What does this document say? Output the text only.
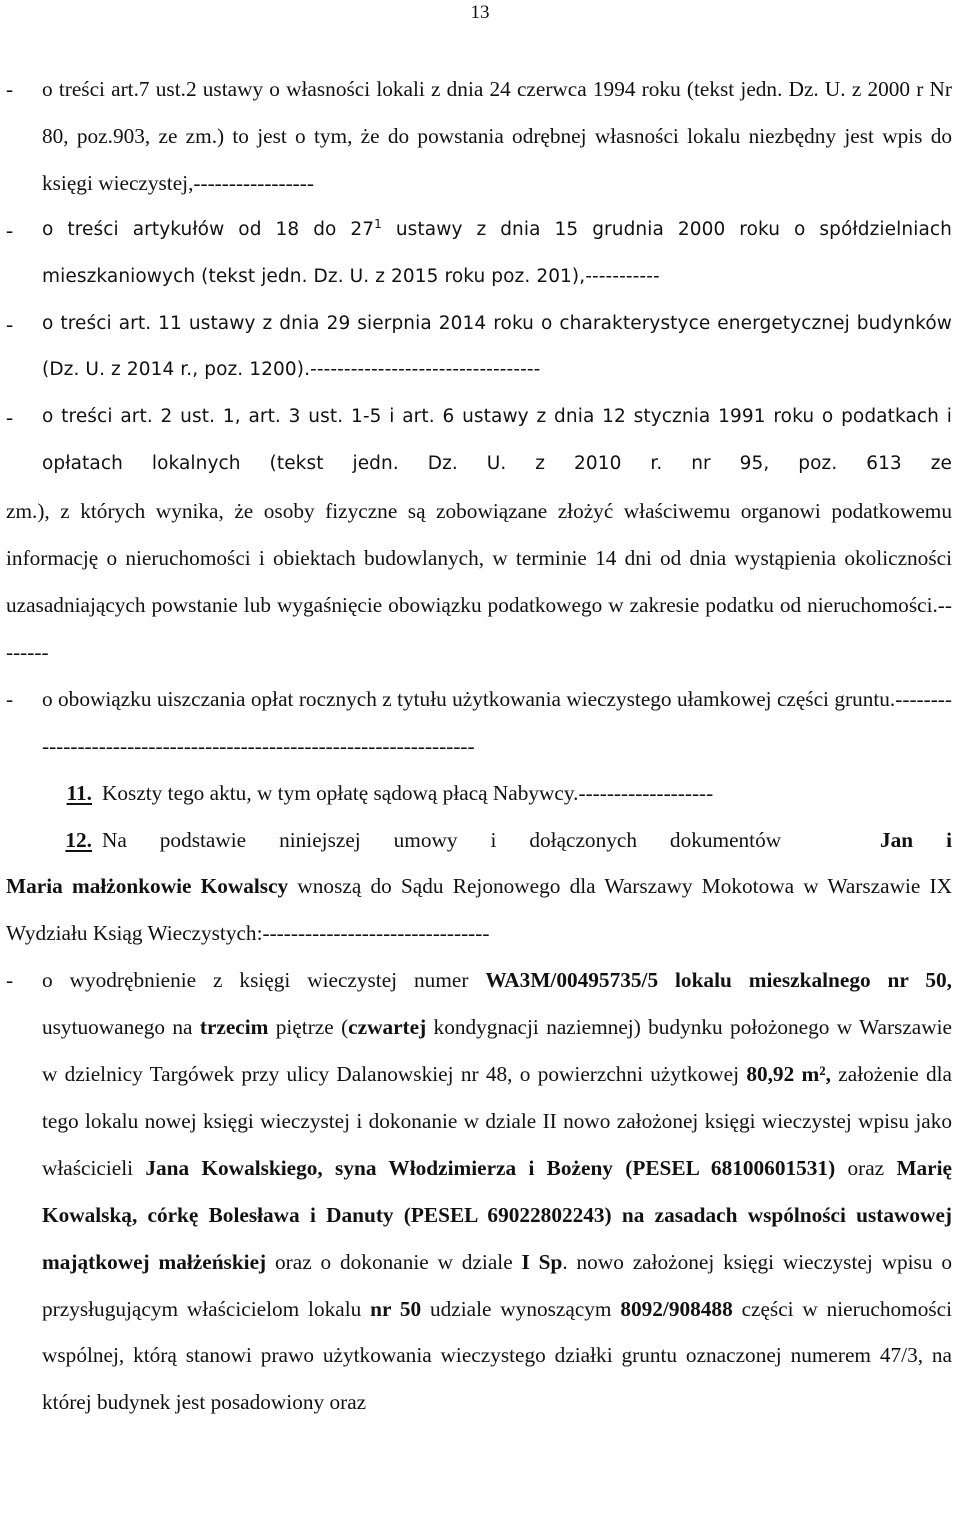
13
-	o treści art.7 ust.2 ustawy o własności lokali z dnia 24 czerwca 1994 roku (tekst jedn. Dz. U. z 2000 r Nr 80, poz.903, ze zm.) to jest o tym, że do powstania odrębnej własności lokalu niezbędny jest wpis do księgi wieczystej,-----------------
-	o treści artykułów od 18 do $27^1$ ustawy z dnia 15 grudnia 2000 roku o spółdzielniach mieszkaniowych (tekst jedn. Dz. U. z 2015 roku poz. 201),-----------
-	o treści art. 11 ustawy z dnia 29 sierpnia 2014 roku o charakterystyce energetycznej budynków (Dz. U. z 2014 r., poz. 1200).----------------------------------
-	o treści art. 2 ust. 1, art. 3 ust. 1-5 i art. 6 ustawy z dnia 12 stycznia 1991 roku o podatkach i opłatach lokalnych (tekst jedn. Dz. U. z 2010 r. nr 95, poz. 613 ze
zm.), z których wynika, że osoby fizyczne są zobowiązane złożyć właściwemu organowi podatkowemu informację o nieruchomości i obiektach budowlanych, w terminie 14 dni od dnia wystąpienia okoliczności uzasadniających powstanie lub wygaśnięcie obowiązku podatkowego w zakresie podatku od nieruchomości.--------
-	o obowiązku uiszczania opłat rocznych z tytułu użytkowania wieczystego ułamkowej części gruntu.---------------------------------------------------------------------
11. Koszty tego aktu, w tym opłatę sądową płacą Nabywcy.-------------------
12. Na podstawie niniejszej umowy i dołączonych dokumentów	Jan i
Maria małżonkowie Kowalscy wnoszą do Sądu Rejonowego dla Warszawy Mokotowa w Warszawie IX Wydziału Ksiąg Wieczystych:--------------------------------
-	o wyodrębnienie z księgi wieczystej numer WA3M/00495735/5 lokalu mieszkalnego nr 50, usytuowanego na trzecim piętrze (czwartej kondygnacji naziemnej) budynku położonego w Warszawie w dzielnicy Targówek przy ulicy Dalanowskiej nr 48, o powierzchni użytkowej 80,92 m², założenie dla tego lokalu nowej księgi wieczystej i dokonanie w dziale II nowo założonej księgi wieczystej wpisu jako właścicieli Jana Kowalskiego, syna Włodzimierza i Bożeny (PESEL 68100601531) oraz Marię Kowalską, córkę Bolesława i Danuty (PESEL 69022802243) na zasadach wspólności ustawowej majątkowej małżeńskiej oraz o dokonanie w dziale I Sp. nowo założonej księgi wieczystej wpisu o przysługującym właścicielom lokalu nr 50 udziale wynoszącym 8092/908488 części w nieruchomości wspólnej, którą stanowi prawo użytkowania wieczystego działki gruntu oznaczonej numerem 47/3, na której budynek jest posadowiony oraz
